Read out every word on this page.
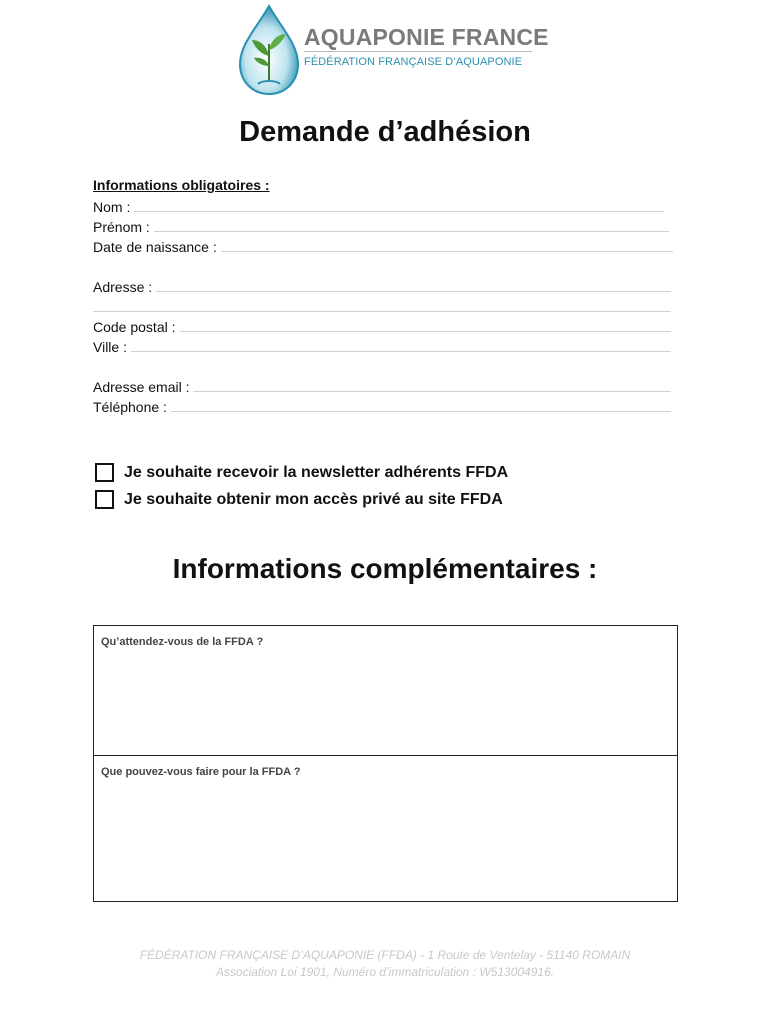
AQUAPONIE FRANCE
FÉDÉRATION FRANÇAISE D’AQUAPONIE
Demande d’adhésion
Informations obligatoires :
Nom :
Prénom :
Date de naissance :
Adresse :
Code postal :
Ville :
Adresse email :
Téléphone :
Je souhaite recevoir la newsletter adhérents FFDA
Je souhaite obtenir mon accès privé au site FFDA
Informations complémentaires :
Qu’attendez-vous de la FFDA ?
Que pouvez-vous faire pour la FFDA ?
FÉDÉRATION FRANÇAISE D’AQUAPONIE (FFDA) - 1 Route de Ventelay - 51140 ROMAIN
Association Loi 1901, Numéro d’immatriculation : W513004916.
